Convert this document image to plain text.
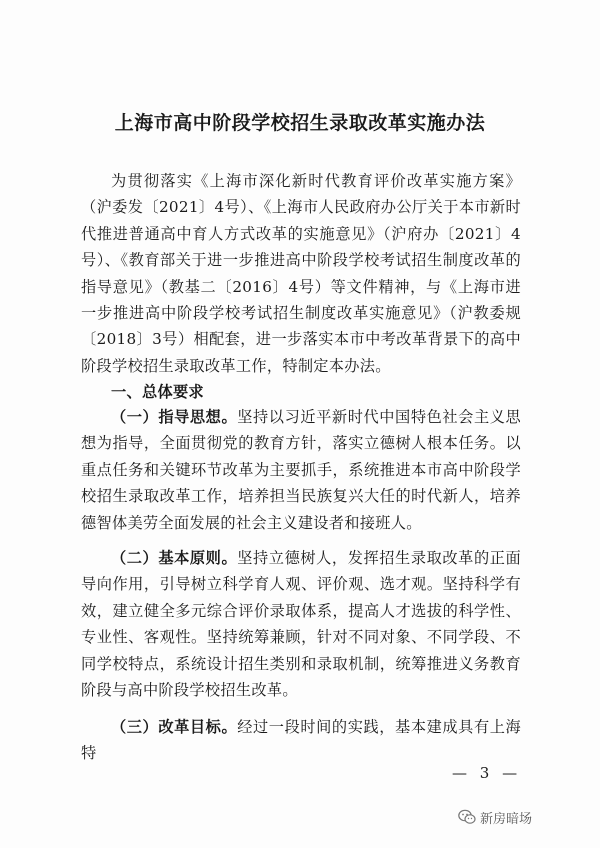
上海市高中阶段学校招生录取改革实施办法
为贯彻落实《上海市深化新时代教育评价改革实施方案》（沪委发〔2021〕4号）、《上海市人民政府办公厅关于本市新时代推进普通高中育人方式改革的实施意见》（沪府办〔2021〕4号）、《教育部关于进一步推进高中阶段学校考试招生制度改革的指导意见》（教基二〔2016〕4号）等文件精神，与《上海市进一步推进高中阶段学校考试招生制度改革实施意见》（沪教委规〔2018〕3号）相配套，进一步落实本市中考改革背景下的高中阶段学校招生录取改革工作，特制定本办法。
一、总体要求
（一）指导思想。坚持以习近平新时代中国特色社会主义思想为指导，全面贯彻党的教育方针，落实立德树人根本任务。以重点任务和关键环节改革为主要抓手，系统推进本市高中阶段学校招生录取改革工作，培养担当民族复兴大任的时代新人，培养德智体美劳全面发展的社会主义建设者和接班人。
（二）基本原则。坚持立德树人，发挥招生录取改革的正面导向作用，引导树立科学育人观、评价观、选才观。坚持科学有效，建立健全多元综合评价录取体系，提高人才选拔的科学性、专业性、客观性。坚持统筹兼顾，针对不同对象、不同学段、不同学校特点，系统设计招生类别和录取机制，统筹推进义务教育阶段与高中阶段学校招生改革。
（三）改革目标。经过一段时间的实践，基本建成具有上海特
— 3 —
新房暗场
